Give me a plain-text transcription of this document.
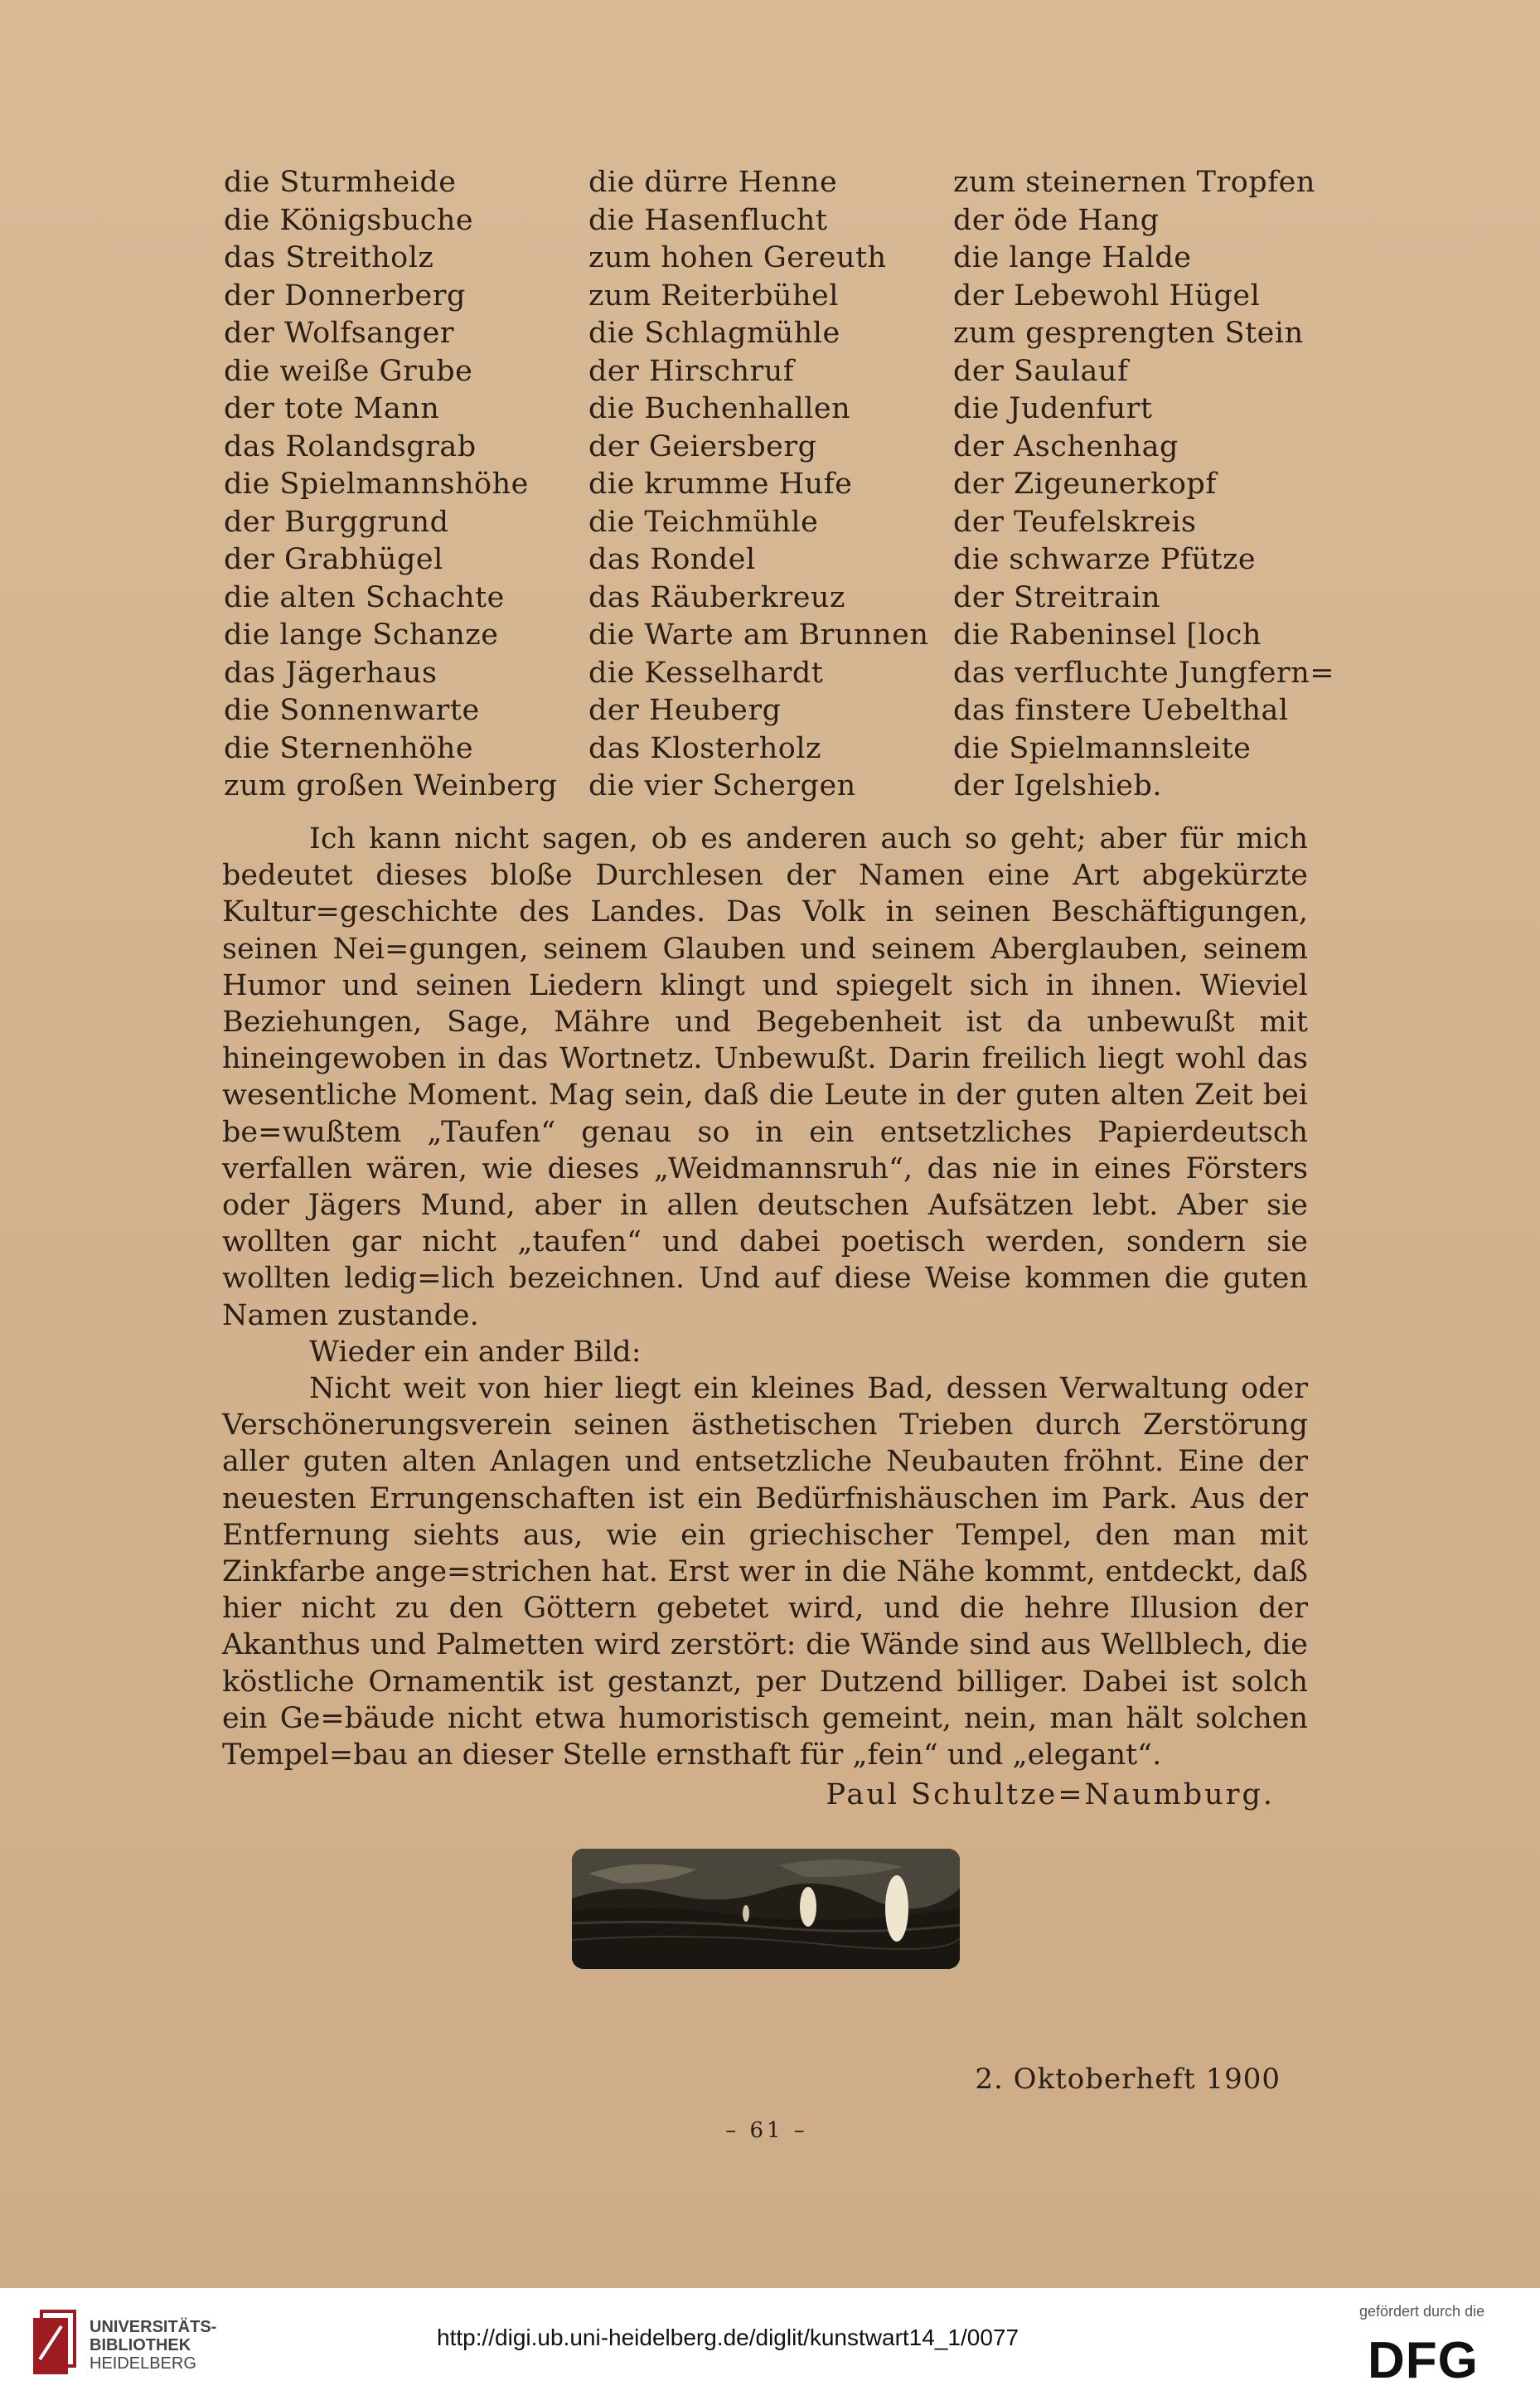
die Sturmheide
die Königsbuche
das Streitholz
der Donnerberg
der Wolfsanger
die weiße Grube
der tote Mann
das Rolandsgrab
die Spielmannshöhe
der Burggrund
der Grabhügel
die alten Schachte
die lange Schanze
das Jägerhaus
die Sonnenwarte
die Sternenhöhe
zum großen Weinberg
die dürre Henne
die Hasenflucht
zum hohen Gereuth
zum Reiterbühel
die Schlagmühle
der Hirschruf
die Buchenhallen
der Geiersberg
die krumme Hufe
die Teichmühle
das Rondel
das Räuberkreuz
die Warte am Brunnen
die Kesselhardt
der Heuberg
das Klosterholz
die vier Schergen
zum steinernen Tropfen
der öde Hang
die lange Halde
der Lebewohl Hügel
zum gesprengten Stein
der Saulauf
die Judenfurt
der Aschenhag
der Zigeunerkopf
der Teufelskreis
die schwarze Pfütze
der Streitrain
die Rabeninsel [loch
das verfluchte Jungfern=
das finstere Uebelthal
die Spielmannsleite
der Igelshieb.

Ich kann nicht sagen, ob es anderen auch so geht; aber für mich bedeutet dieses bloße Durchlesen der Namen eine Art abgekürzte Kultur=geschichte des Landes. Das Volk in seinen Beschäftigungen, seinen Nei=gungen, seinem Glauben und seinem Aberglauben, seinem Humor und seinen Liedern klingt und spiegelt sich in ihnen. Wieviel Beziehungen, Sage, Mähre und Begebenheit ist da unbewußt mit hineingewoben in das Wortnetz. Unbewußt. Darin freilich liegt wohl das wesentliche Moment. Mag sein, daß die Leute in der guten alten Zeit bei be=wußtem „Taufen“ genau so in ein entsetzliches Papierdeutsch verfallen wären, wie dieses „Weidmannsruh“, das nie in eines Försters oder Jägers Mund, aber in allen deutschen Aufsätzen lebt. Aber sie wollten gar nicht „taufen“ und dabei poetisch werden, sondern sie wollten ledig=lich bezeichnen. Und auf diese Weise kommen die guten Namen zustande.

Wieder ein ander Bild:

Nicht weit von hier liegt ein kleines Bad, dessen Verwaltung oder Verschönerungsverein seinen ästhetischen Trieben durch Zerstörung aller guten alten Anlagen und entsetzliche Neubauten fröhnt. Eine der neuesten Errungenschaften ist ein Bedürfnishäuschen im Park. Aus der Entfernung siehts aus, wie ein griechischer Tempel, den man mit Zinkfarbe ange=strichen hat. Erst wer in die Nähe kommt, entdeckt, daß hier nicht zu den Göttern gebetet wird, und die hehre Illusion der Akanthus und Palmetten wird zerstört: die Wände sind aus Wellblech, die köstliche Ornamentik ist gestanzt, per Dutzend billiger. Dabei ist solch ein Ge=bäude nicht etwa humoristisch gemeint, nein, man hält solchen Tempel=bau an dieser Stelle ernsthaft für „fein“ und „elegant“.

Paul Schultze=Naumburg.

2. Oktoberheft 1900
– 61 –
UNIVERSITÄTS-
BIBLIOTHEK
HEIDELBERG
http://digi.ub.uni-heidelberg.de/diglit/kunstwart14_1/0077
gefördert durch die
DFG
